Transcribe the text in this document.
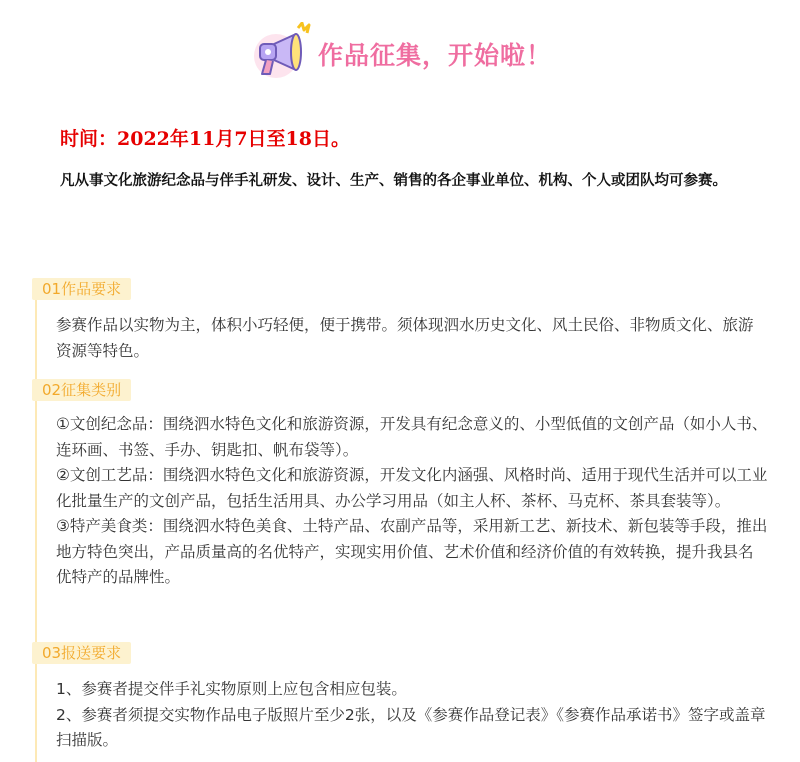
作品征集，开始啦！
时间：2022年11月7日至18日。
凡从事文化旅游纪念品与伴手礼研发、设计、生产、销售的各企事业单位、机构、个人或团队均可参赛。
01作品要求

参赛作品以实物为主，体积小巧轻便，便于携带。须体现泗水历史文化、风土民俗、非物质文化、旅游资源等特色。

02征集类别

①文创纪念品：围绕泗水特色文化和旅游资源，开发具有纪念意义的、小型低值的文创产品（如小人书、连环画、书签、手办、钥匙扣、帆布袋等）。

②文创工艺品：围绕泗水特色文化和旅游资源，开发文化内涵强、风格时尚、适用于现代生活并可以工业化批量生产的文创产品，包括生活用具、办公学习用品（如主人杯、茶杯、马克杯、茶具套装等）。

③特产美食类：围绕泗水特色美食、土特产品、农副产品等，采用新工艺、新技术、新包装等手段，推出地方特色突出，产品质量高的名优特产，实现实用价值、艺术价值和经济价值的有效转换，提升我县名优特产的品牌性。

03报送要求

1、参赛者提交伴手礼实物原则上应包含相应包装。

2、参赛者须提交实物作品电子版照片至少2张，以及《参赛作品登记表》《参赛作品承诺书》签字或盖章扫描版。
